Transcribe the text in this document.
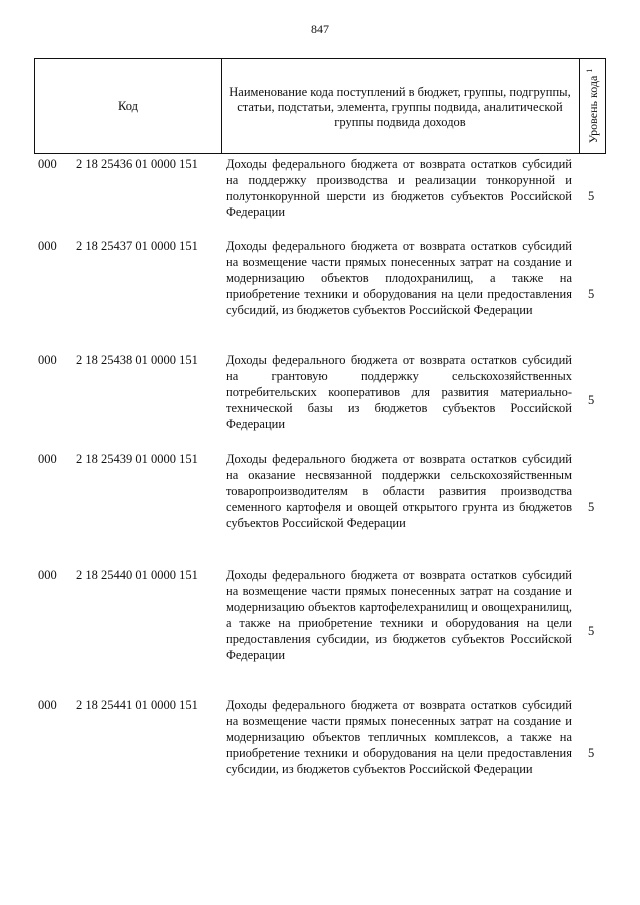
847
Код
Наименование кода поступлений в бюджет, группы, подгруппы, статьи, подстатьи, элемента, группы подвида, аналитической группы подвида доходов	Уровень кода $^1$
000 2 18 25436 01 0000 151 Доходы федерального бюджета от возврата остатков субсидий на поддержку производства и реализации тонкорунной и полутонкорунной шерсти из бюджетов субъектов Российской Федерации
5
000 2 18 25437 01 0000 151 Доходы федерального бюджета от возврата остатков субсидий на возмещение части прямых понесенных затрат на создание и модернизацию объектов плодохранилищ, а также на приобретение техники и оборудования на цели предоставления субсидий, из бюджетов субъектов Российской Федерации
5
000 2 18 25438 01 0000 151 Доходы федерального бюджета от возврата остатков субсидий на грантовую поддержку сельскохозяйственных потребительских кооперативов для развития материально-технической базы из бюджетов субъектов Российской Федерации
5
000 2 18 25439 01 0000 151 Доходы федерального бюджета от возврата остатков субсидий на оказание несвязанной поддержки сельскохозяйственным товаропроизводителям в области развития производства семенного картофеля и овощей открытого грунта из бюджетов субъектов Российской Федерации
5
000 2 18 25440 01 0000 151 Доходы федерального бюджета от возврата остатков субсидий на возмещение части прямых понесенных затрат на создание и модернизацию объектов картофелехранилищ и овощехранилищ, а также на приобретение техники и оборудования на цели предоставления субсидии, из бюджетов субъектов Российской Федерации
5
000 2 18 25441 01 0000 151 Доходы федерального бюджета от возврата остатков субсидий на возмещение части прямых понесенных затрат на создание и модернизацию объектов тепличных комплексов, а также на приобретение техники и оборудования на цели предоставления субсидии, из бюджетов субъектов Российской Федерации
5
